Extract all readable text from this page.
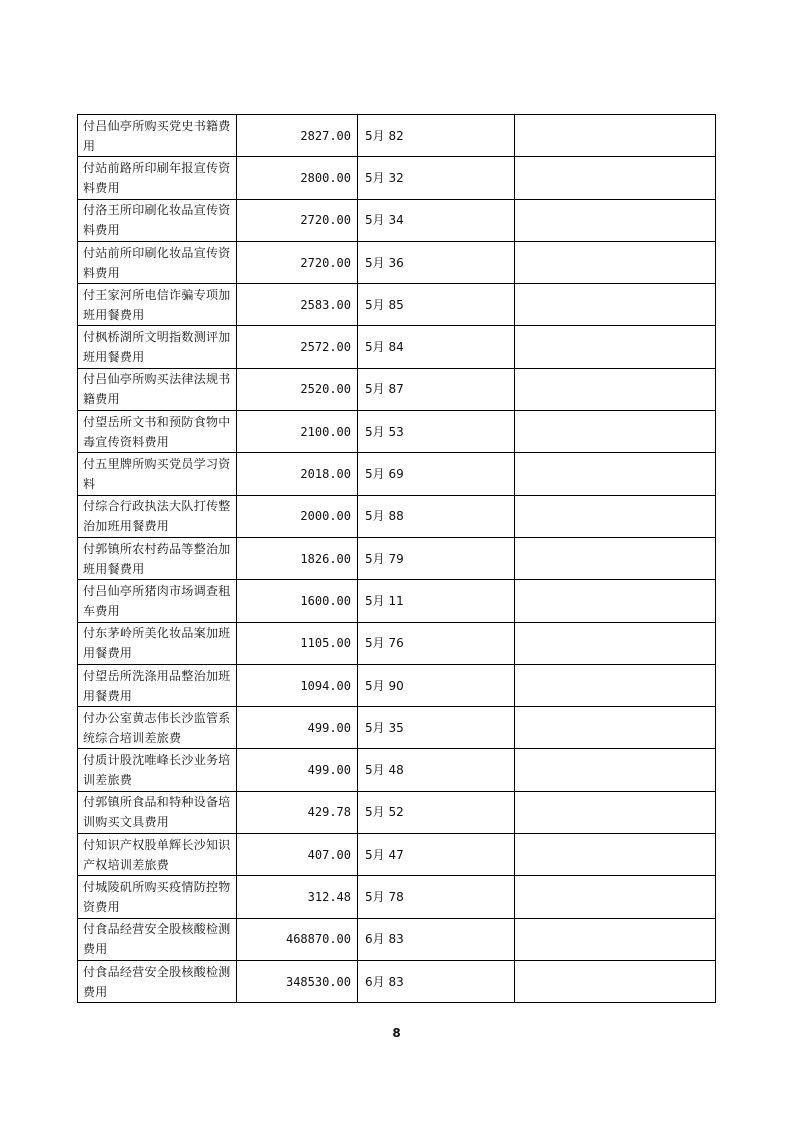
付吕仙亭所购买党史书籍费用	2827.00	5月 82	
付站前路所印刷年报宣传资料费用	2800.00	5月 32	
付洛王所印刷化妆品宣传资料费用	2720.00	5月 34	
付站前所印刷化妆品宣传资料费用	2720.00	5月 36	
付王家河所电信诈骗专项加班用餐费用	2583.00	5月 85	
付枫桥湖所文明指数测评加班用餐费用	2572.00	5月 84	
付吕仙亭所购买法律法规书籍费用	2520.00	5月 87	
付望岳所文书和预防食物中毒宣传资料费用	2100.00	5月 53	
付五里牌所购买党员学习资料	2018.00	5月 69	
付综合行政执法大队打传整治加班用餐费用	2000.00	5月 88	
付郭镇所农村药品等整治加班用餐费用	1826.00	5月 79	
付吕仙亭所猪肉市场调查租车费用	1600.00	5月 11	
付东茅岭所美化妆品案加班用餐费用	1105.00	5月 76	
付望岳所洗涤用品整治加班用餐费用	1094.00	5月 90	
付办公室黄志伟长沙监管系统综合培训差旅费	499.00	5月 35	
付质计股沈唯峰长沙业务培训差旅费	499.00	5月 48	
付郭镇所食品和特种设备培训购买文具费用	429.78	5月 52	
付知识产权股单辉长沙知识产权培训差旅费	407.00	5月 47	
付城陵矶所购买疫情防控物资费用	312.48	5月 78	
付食品经营安全股核酸检测费用	468870.00	6月 83	
付食品经营安全股核酸检测费用	348530.00	6月 83	
8
